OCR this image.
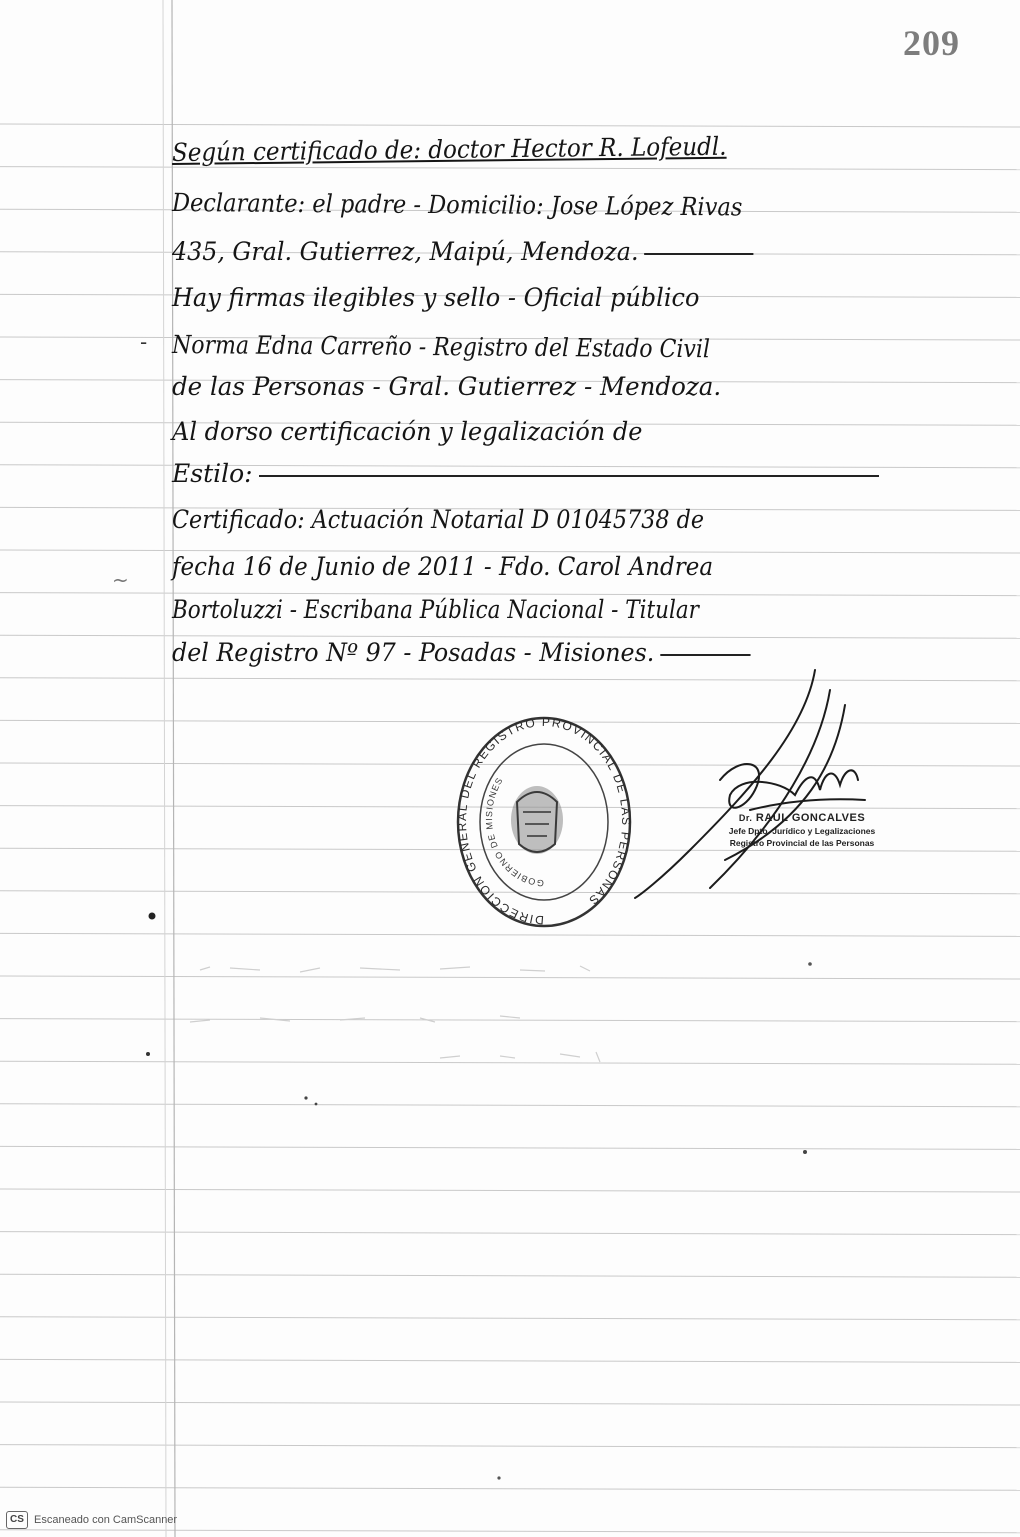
209
Según certificado de: doctor Hector R. Lofeudl.
Declarante: el padre - Domicilio: Jose López Rivas
435, Gral. Gutierrez, Maipú, Mendoza.
Hay firmas ilegibles y sello - Oficial público
Norma Edna Carreño - Registro del Estado Civil
de las Personas - Gral. Gutierrez - Mendoza.
Al dorso certificación y legalización de
Estilo:
Certificado: Actuación Notarial D 01045738 de
fecha 16 de Junio de 2011 - Fdo. Carol Andrea
Bortoluzzi - Escribana Pública Nacional - Titular
del Registro Nº 97 - Posadas - Misiones.
-
~
DIRECCION GENERAL DEL REGISTRO PROVINCIAL DE LAS PERSONAS
GOBIERNO DE MISIONES
Dr. RAUL GONCALVES
Jefe Dpto. Jurídico y Legalizaciones
Registro Provincial de las Personas
CS Escaneado con CamScanner
